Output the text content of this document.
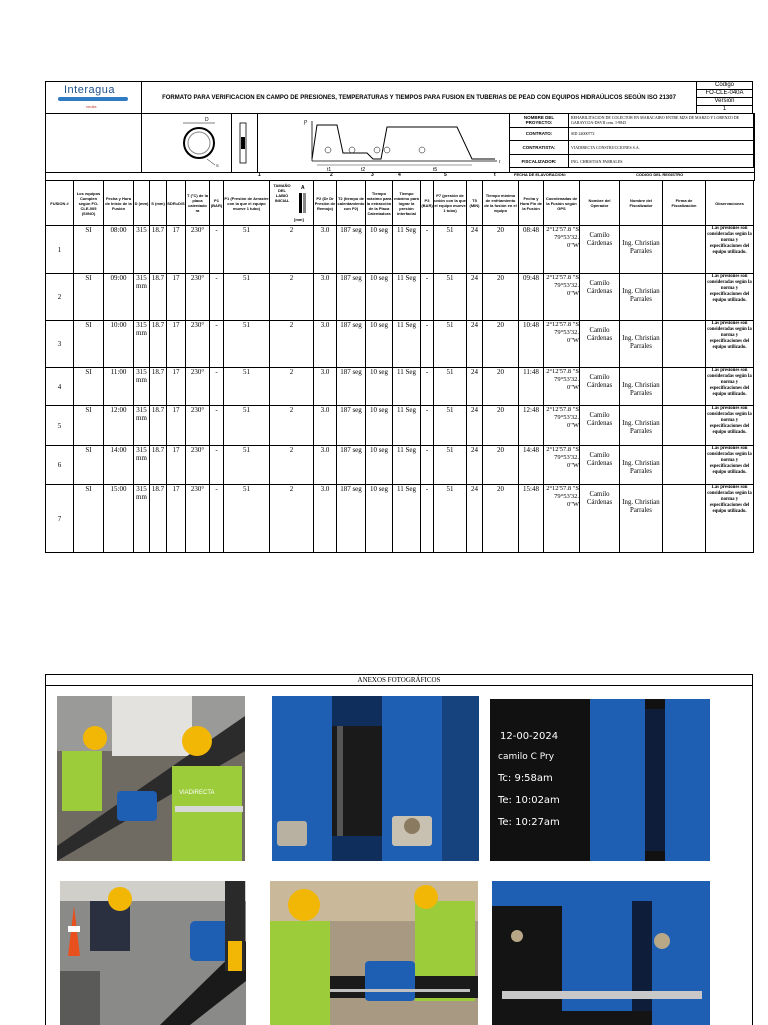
Interagua
veolia
	FORMATO PARA VERIFICACION EN CAMPO DE PRESIONES, TEMPERATURAS Y TIEMPOS PARA FUSION EN TUBERIAS DE PEAD CON EQUIPOS HIDRAÚLICOS SEGÚN ISO 21307	
Código
FO-CLE-040A
Versión
1
D
S
p
t1	t2	t5
t
NOMBRE DEL PROYECTO:	REHABILITACION DE COLECTOR EN MARACAIBO ENTRE MZS DE MARZO Y LORENZO DE GARAYCOA-DSVII cem. 1-9845
CONTRATO:	SID 24000772
CONTRATISTA:	VIADIRECTA CONSTRUCCIONES S.A.
FISCALIZADOR:	ING. CHRISTIAN PARRALES
1	2	3	4	5	t	FECHA DE ELAVORACION:	CODIGO DEL REGISTRO
FUSION #	Los equipos Cumplen según FO-CLE-005 (SI/NO)	Fecha y Hora de Inicio de la Fusión	D (mm)	S (mm)	SDR=D/S	T (°C) de la placa calentado ra	P1 (BAR)	P1 (Presión de Arrastre con la que el equipo mueve 1 tubo)	TAMAÑO DEL LABIO INICIAL
A
[mm]	P2 (Dr Dr Presión de Remojo)	T2 (tiempo de calentamiento con P2)	Tiempo máximo para la extracción de la Placa Calentadora	Tiempo máximo para lograr la presión interfacial	P3 (BAR)	P7 (presión de unión con la que el equipo mueve 1 tubo)	T5 (MIN)	Tiempo mínimo de enfriamiento de la fusión en el equipo	Fecha y Hora Fin de la Fusión	Coordenadas de la Fusión según GPS	Nombre del Operador	Nombre del Fiscalizador	Firma de Fiscalización	Observaciones
1	SI	08:00	315	18.7	17	230°	-	51	2	3.0	187 seg	10 seg	11 Seg	-	51	24	20	08:48	2°12'57.8 "S 79°53'32. 0"W	Camilo Cárdenas	Ing. Christian Parrales		Las presiones son consideradas según la norma y especificaciones del equipo utilizado.
2	SI	09:00	315 mm	18.7	17	230°	-	51	2	3.0	187 seg	10 seg	11 Seg	-	51	24	20	09:48	2°12'57.8 "S 79°53'32. 0"W	Camilo Cárdenas	Ing. Christian Parrales		Las presiones son consideradas según la norma y especificaciones del equipo utilizado.
3	SI	10:00	315 mm	18.7	17	230°	-	51	2	3.0	187 seg	10 seg	11 Seg	-	51	24	20	10:48	2°12'57.8 "S 79°53'32. 0"W	Camilo Cárdenas	Ing. Christian Parrales		Las presiones son consideradas según la norma y especificaciones del equipo utilizado.
4	SI	11:00	315 mm	18.7	17	230°	-	51	2	3.0	187 seg	10 seg	11 Seg	-	51	24	20	11:48	2°12'57.8 "S 79°53'32. 0"W	Camilo Cárdenas	Ing. Christian Parrales		Las presiones son consideradas según la norma y especificaciones del equipo utilizado.
5	SI	12:00	315 mm	18.7	17	230°	-	51	2	3.0	187 seg	10 seg	11 Seg	-	51	24	20	12:48	2°12'57.8 "S 79°53'32. 0"W	Camilo Cárdenas	Ing. Christian Parrales		Las presiones son consideradas según la norma y especificaciones del equipo utilizado.
6	SI	14:00	315 mm	18.7	17	230°	-	51	2	3.0	187 seg	10 seg	11 Seg	-	51	24	20	14:48	2°12'57.8 "S 79°53'32. 0"W	Camilo Cárdenas	Ing. Christian Parrales		Las presiones son consideradas según la norma y especificaciones del equipo utilizado.
7	SI	15:00	315 mm	18.7	17	230°	-	51	2	3.0	187 seg	10 seg	11 Seg	-	51	24	20	15:48	2°12'57.8 "S 79°53'32. 0"W	Camilo Cárdenas	Ing. Christian Parrales		Las presiones son consideradas según la norma y especificaciones del equipo utilizado.
ANEXOS FOTOGRÁFICOS
VIADIRECTA
12-00-2024
camilo C Pry
Tc: 9:58am
Te: 10:02am
Te: 10:27am
